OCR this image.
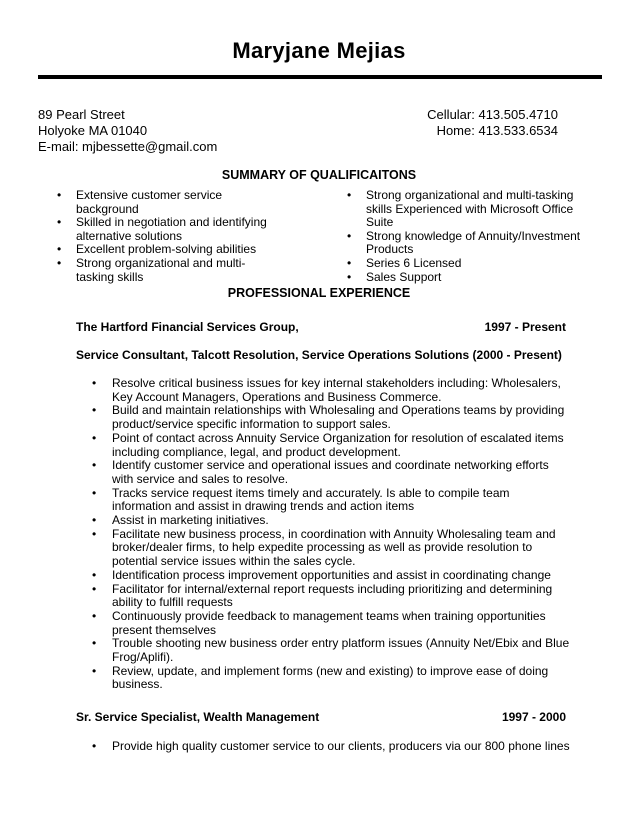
Maryjane Mejias
89 Pearl Street
Holyoke MA 01040
E-mail: mjbessette@gmail.com
Cellular: 413.505.4710
Home: 413.533.6534
SUMMARY OF QUALIFICAITONS
• Extensive customer service background
• Skilled in negotiation and identifying alternative solutions
• Excellent problem-solving abilities
• Strong organizational and multi-tasking skills
• Strong organizational and multi-tasking skills Experienced with Microsoft Office Suite
• Strong knowledge of Annuity/Investment Products
• Series 6 Licensed
• Sales Support
PROFESSIONAL EXPERIENCE
The Hartford Financial Services Group,	1997 - Present
Service Consultant, Talcott Resolution, Service Operations Solutions (2000 - Present)
• Resolve critical business issues for key internal stakeholders including: Wholesalers, Key Account Managers, Operations and Business Commerce.
• Build and maintain relationships with Wholesaling and Operations teams by providing product/service specific information to support sales.
• Point of contact across Annuity Service Organization for resolution of escalated items including compliance, legal, and product development.
• Identify customer service and operational issues and coordinate networking efforts with service and sales to resolve.
• Tracks service request items timely and accurately. Is able to compile team information and assist in drawing trends and action items
• Assist in marketing initiatives.
• Facilitate new business process, in coordination with Annuity Wholesaling team and broker/dealer firms, to help expedite processing as well as provide resolution to potential service issues within the sales cycle.
• Identification process improvement opportunities and assist in coordinating change
• Facilitator for internal/external report requests including prioritizing and determining ability to fulfill requests
• Continuously provide feedback to management teams when training opportunities present themselves
• Trouble shooting new business order entry platform issues (Annuity Net/Ebix and Blue Frog/Aplifi).
• Review, update, and implement forms (new and existing) to improve ease of doing business.
Sr. Service Specialist, Wealth Management	1997 - 2000
• Provide high quality customer service to our clients, producers via our 800 phone lines
